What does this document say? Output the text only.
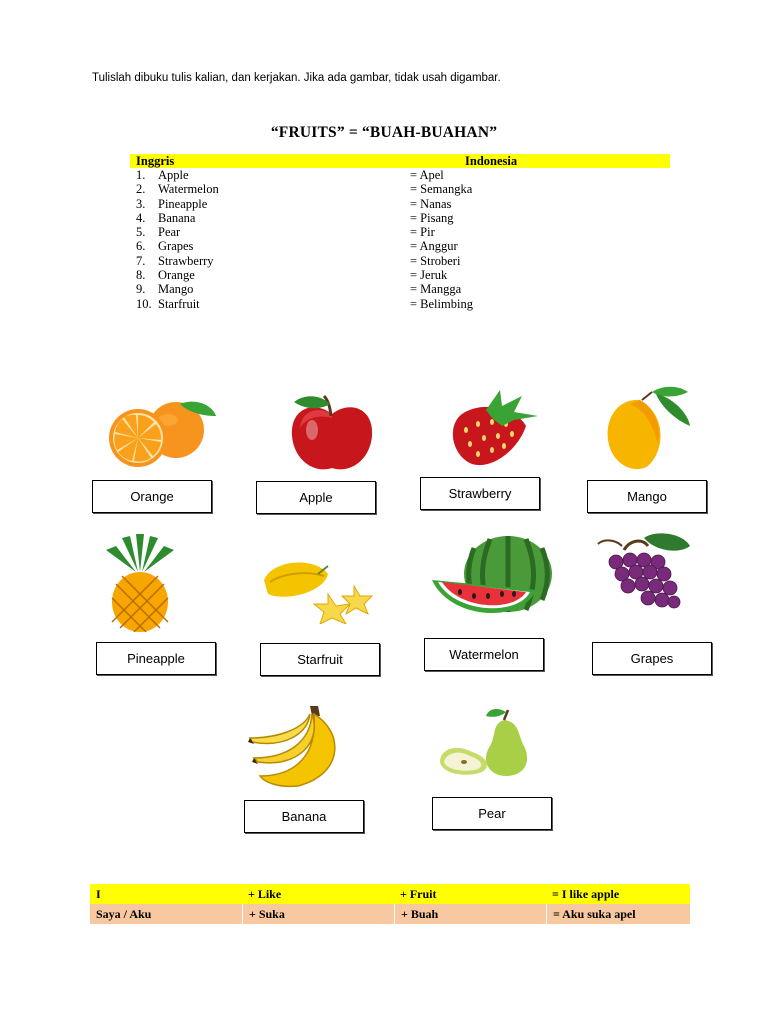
Tulislah dibuku tulis kalian, dan kerjakan. Jika ada gambar, tidak usah digambar.
“FRUITS” = “BUAH-BUAHAN”
Inggris	Indonesia
1. Apple	= Apel
2. Watermelon	= Semangka
3. Pineapple	= Nanas
4. Banana	= Pisang
5. Pear	= Pir
6. Grapes	= Anggur
7. Strawberry	= Stroberi
8. Orange	= Jeruk
9. Mango	= Mangga
10. Starfruit	= Belimbing
Orange	Apple	Strawberry	Mango
Pineapple	Starfruit	Watermelon	Grapes
Banana	Pear
I	+ Like	+ Fruit	= I like apple
Saya / Aku	+ Suka	+ Buah	= Aku suka apel
